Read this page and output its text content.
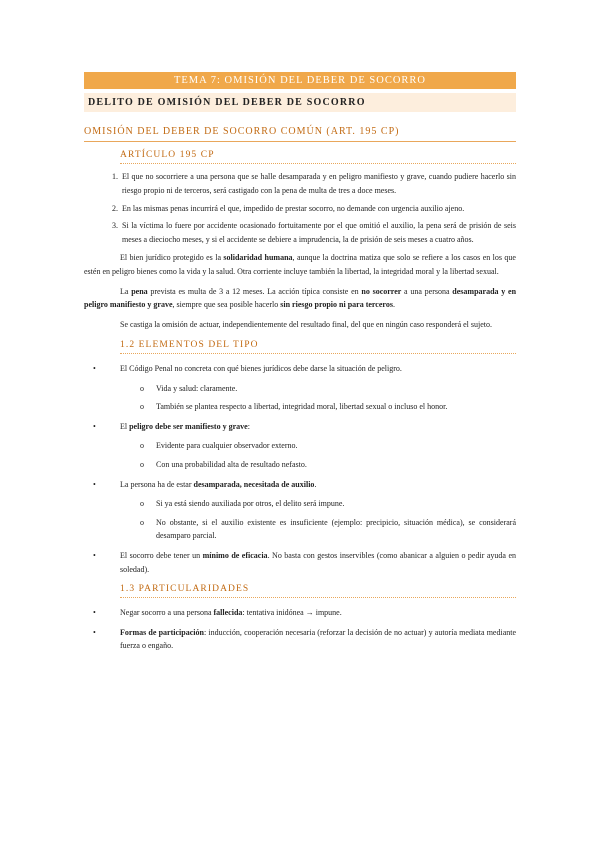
TEMA 7: OMISIÓN DEL DEBER DE SOCORRO
DELITO DE OMISIÓN DEL DEBER DE SOCORRO
OMISIÓN DEL DEBER DE SOCORRO COMÚN (ART. 195 CP)
ARTÍCULO 195 CP
1. El que no socorriere a una persona que se halle desamparada y en peligro manifiesto y grave, cuando pudiere hacerlo sin riesgo propio ni de terceros, será castigado con la pena de multa de tres a doce meses.
2. En las mismas penas incurrirá el que, impedido de prestar socorro, no demande con urgencia auxilio ajeno.
3. Si la víctima lo fuere por accidente ocasionado fortuitamente por el que omitió el auxilio, la pena será de prisión de seis meses a dieciocho meses, y si el accidente se debiere a imprudencia, la de prisión de seis meses a cuatro años.

El bien jurídico protegido es la solidaridad humana, aunque la doctrina matiza que solo se refiere a los casos en los que estén en peligro bienes como la vida y la salud. Otra corriente incluye también la libertad, la integridad moral y la libertad sexual.

La pena prevista es multa de 3 a 12 meses. La acción típica consiste en no socorrer a una persona desamparada y en peligro manifiesto y grave, siempre que sea posible hacerlo sin riesgo propio ni para terceros.

Se castiga la omisión de actuar, independientemente del resultado final, del que en ningún caso responderá el sujeto.

1.2 ELEMENTOS DEL TIPO
•	El Código Penal no concreta con qué bienes jurídicos debe darse la situación de peligro.
o Vida y salud: claramente.
o También se plantea respecto a libertad, integridad moral, libertad sexual o incluso el honor.
•	El peligro debe ser manifiesto y grave:
o Evidente para cualquier observador externo.
o Con una probabilidad alta de resultado nefasto.
•	La persona ha de estar desamparada, necesitada de auxilio.
o Si ya está siendo auxiliada por otros, el delito será impune.
o No obstante, si el auxilio existente es insuficiente (ejemplo: precipicio, situación médica), se considerará desamparo parcial.
•	El socorro debe tener un mínimo de eficacia. No basta con gestos inservibles (como abanicar a alguien o pedir ayuda en soledad).
1.3 PARTICULARIDADES
•	Negar socorro a una persona fallecida: tentativa inidónea → impune.
•	Formas de participación: inducción, cooperación necesaria (reforzar la decisión de no actuar) y autoría mediata mediante fuerza o engaño.
